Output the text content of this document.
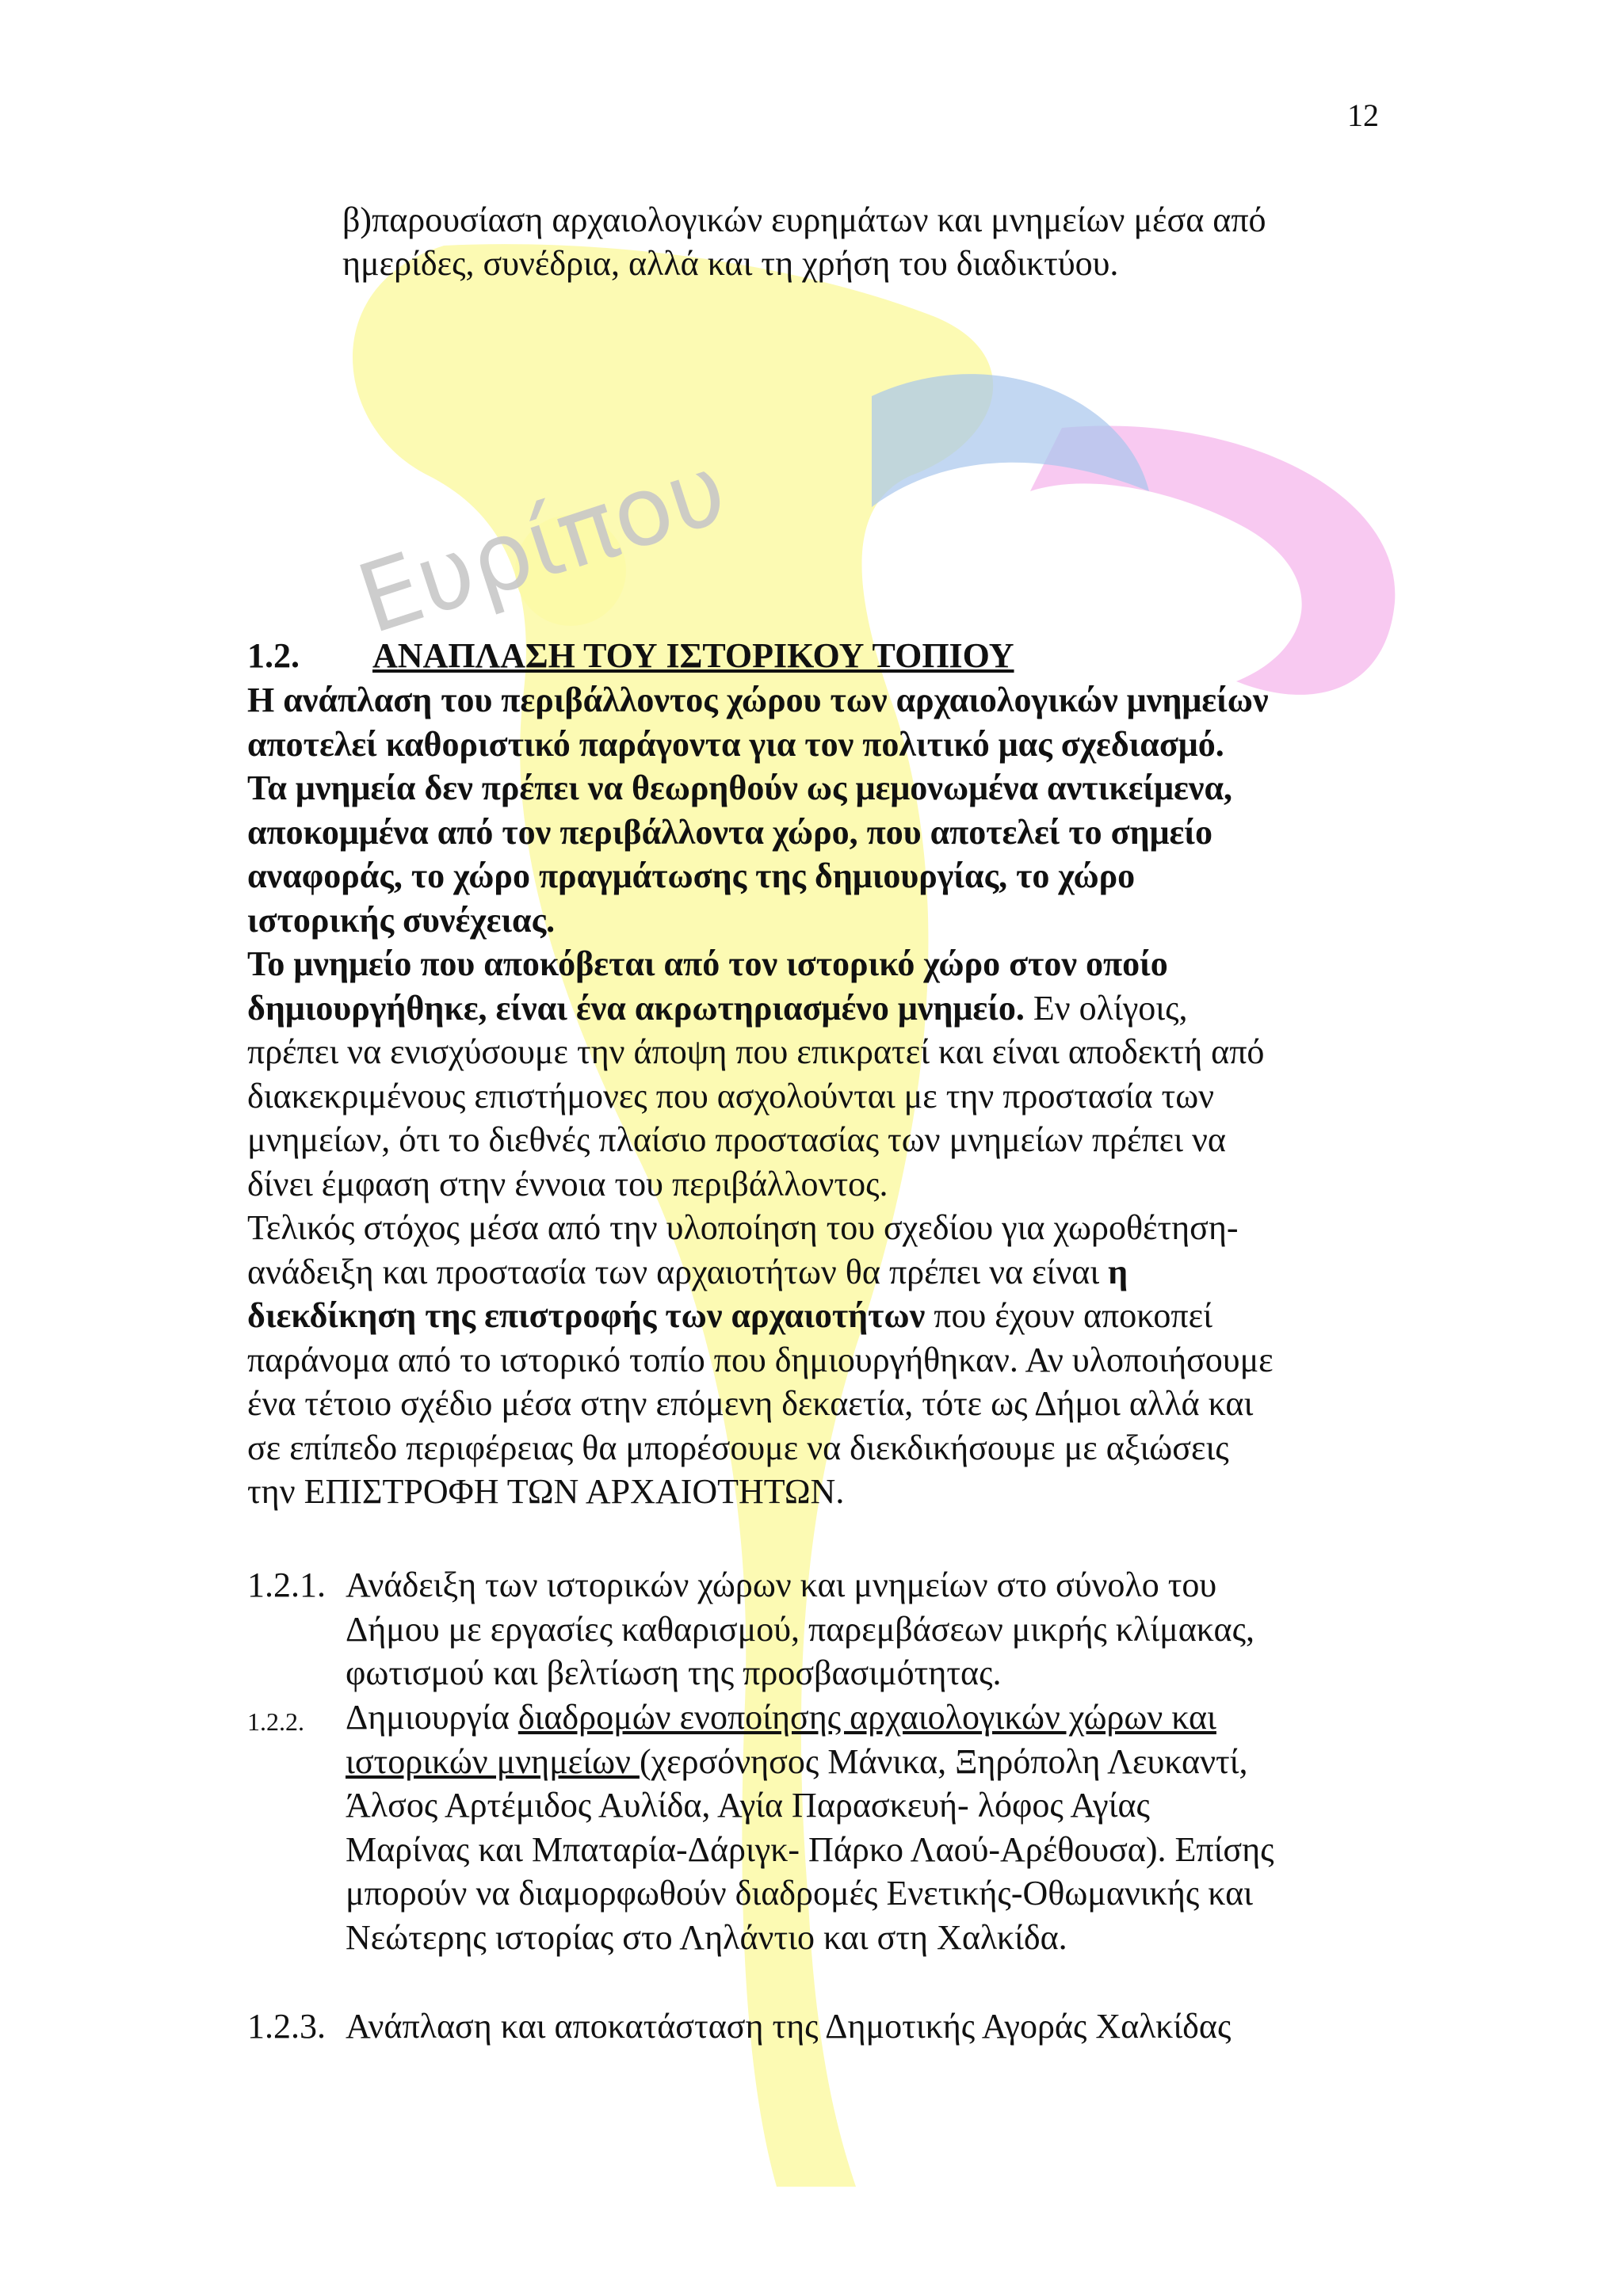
Ευρίπου
12
β)παρουσίαση αρχαιολογικών ευρημάτων και μνημείων μέσα από
ημερίδες, συνέδρια, αλλά και τη χρήση του διαδικτύου.
1.2. ΑΝΑΠΛΑΣΗ ΤΟΥ ΙΣΤΟΡΙΚΟΥ ΤΟΠΙΟΥ

Η ανάπλαση του περιβάλλοντος χώρου των αρχαιολογικών μνημείων
αποτελεί καθοριστικό παράγοντα για τον πολιτικό μας σχεδιασμό.
Τα μνημεία δεν πρέπει να θεωρηθούν ως μεμονωμένα αντικείμενα,
αποκομμένα από τον περιβάλλοντα χώρο, που αποτελεί το σημείο
αναφοράς, το χώρο πραγμάτωσης της δημιουργίας, το χώρο
ιστορικής συνέχειας.

Το μνημείο που αποκόβεται από τον ιστορικό χώρο στον οποίο
δημιουργήθηκε, είναι ένα ακρωτηριασμένο μνημείο. Εν ολίγοις,
πρέπει να ενισχύσουμε την άποψη που επικρατεί και είναι αποδεκτή από
διακεκριμένους επιστήμονες που ασχολούνται με την προστασία των
μνημείων, ότι το διεθνές πλαίσιο προστασίας των μνημείων πρέπει να
δίνει έμφαση στην έννοια του περιβάλλοντος.

Τελικός στόχος μέσα από την υλοποίηση του σχεδίου για χωροθέτηση-
ανάδειξη και προστασία των αρχαιοτήτων θα πρέπει να είναι η
διεκδίκηση της επιστροφής των αρχαιοτήτων που έχουν αποκοπεί
παράνομα από το ιστορικό τοπίο που δημιουργήθηκαν. Αν υλοποιήσουμε
ένα τέτοιο σχέδιο μέσα στην επόμενη δεκαετία, τότε ως Δήμοι αλλά και
σε επίπεδο περιφέρειας θα μπορέσουμε να διεκδικήσουμε με αξιώσεις
την ΕΠΙΣΤΡΟΦΗ ΤΩΝ ΑΡΧΑΙΟΤΗΤΩΝ.

1.2.1. Ανάδειξη των ιστορικών χώρων και μνημείων στο σύνολο του
Δήμου με εργασίες καθαρισμού, παρεμβάσεων μικρής κλίμακας,
φωτισμού και βελτίωση της προσβασιμότητας.
1.2.2. Δημιουργία διαδρομών ενοποίησης αρχαιολογικών χώρων και
ιστορικών μνημείων (χερσόνησος Μάνικα, Ξηρόπολη Λευκαντί,
Άλσος Αρτέμιδος Αυλίδα, Αγία Παρασκευή- λόφος Αγίας
Μαρίνας και Μπαταρία-Δάριγκ- Πάρκο Λαού-Αρέθουσα). Επίσης
μπορούν να διαμορφωθούν διαδρομές Ενετικής-Οθωμανικής και
Νεώτερης ιστορίας στο Ληλάντιο και στη Χαλκίδα.
1.2.3. Ανάπλαση και αποκατάσταση της Δημοτικής Αγοράς Χαλκίδας
